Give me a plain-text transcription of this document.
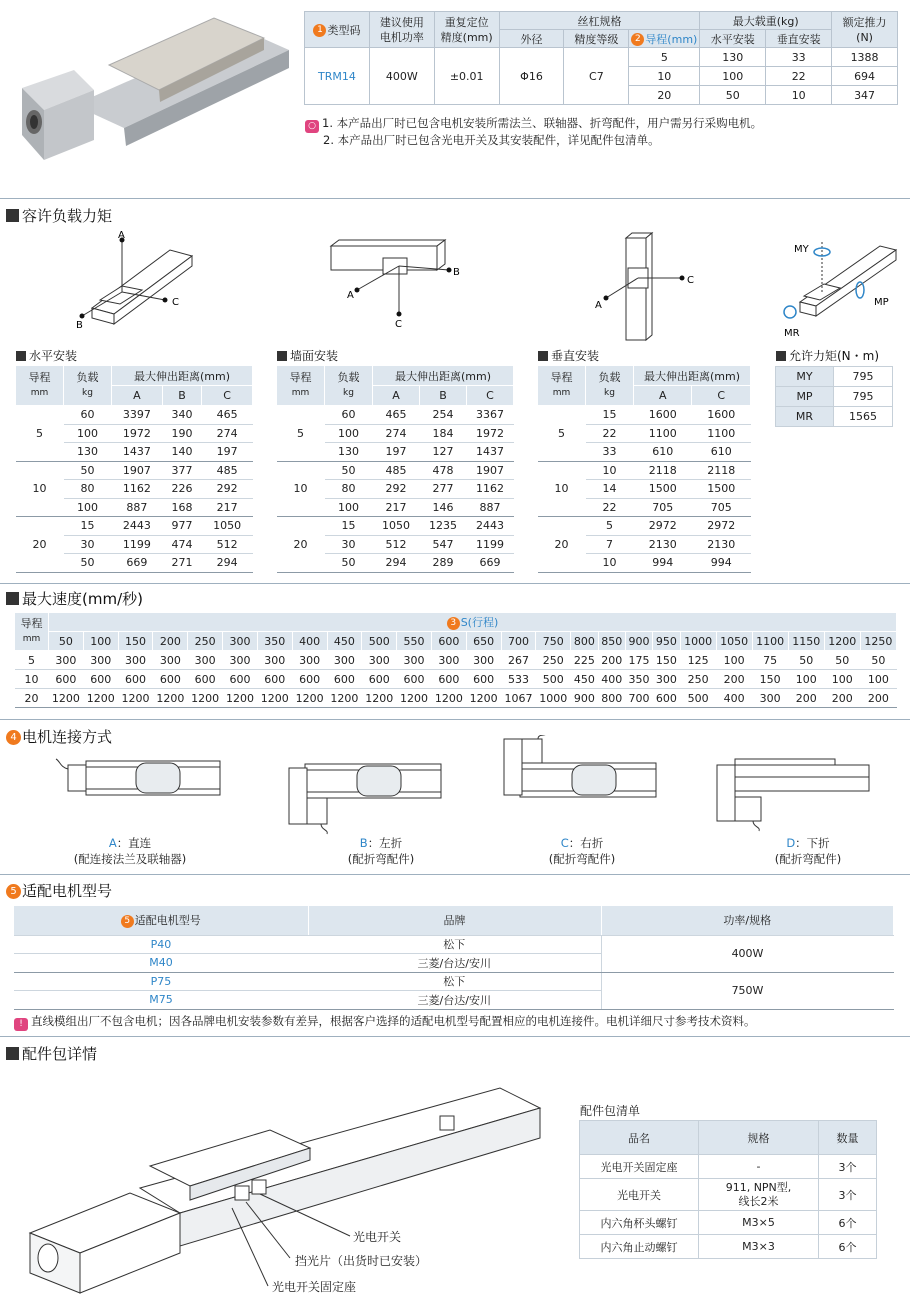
1 类型码	建议使用
电机功率	重复定位
精度(mm)	丝杠规格			最大载重(kg)		额定推力
(N)
			外径	精度等级	2 导程(mm)	水平安装	垂直安装	
TRM14	400W	±0.01	Φ16	C7	5	130	33	1388
					10	100	22	694
					20	50	10	347
○ 1. 本产品出厂时已包含电机安装所需法兰、联轴器、折弯配件，用户需另行采购电机。
2. 本产品出厂时已包含光电开关及其安装配件，详见配件包清单。
容许负载力矩
A
C
B	C
B
A
C
A
MY
MP
MR
水平安装
导程
mm	负载
kg	最大伸出距离(mm)		
		A	B	C
5	60	3397	340	465
	100	1972	190	274
	130	1437	140	197
10	50	1907	377	485
	80	1162	226	292
	100	887	168	217
20	15	2443	977	1050
	30	1199	474	512
	50	669	271	294
墙面安装
导程
mm	负载
kg	最大伸出距离(mm)		
		A	B	C
5	60	465	254	3367
	100	274	184	1972
	130	197	127	1437
10	50	485	478	1907
	80	292	277	1162
	100	217	146	887
20	15	1050	1235	2443
	30	512	547	1199
	50	294	289	669
垂直安装
导程
mm	负载
kg	最大伸出距离(mm)	
		A	C
5	15	1600	1600
	22	1100	1100
	33	610	610
10	10	2118	2118
	14	1500	1500
	22	705	705
20	5	2972	2972
	7	2130	2130
	10	994	994
允许力矩(N・m)
MY	795
MP	795
MR	1565
最大速度(mm/秒)
导程
mm	3 S(行程)																								
	50	100	150	200	250	300	350	400	450	500	550	600	650	700	750	800	850	900	950	1000	1050	1100	1150	1200	1250
5	300	300	300	300	300	300	300	300	300	300	300	300	300	267	250	225	200	175	150	125	100	75	50	50	50
10	600	600	600	600	600	600	600	600	600	600	600	600	600	533	500	450	400	350	300	250	200	150	100	100	100
20	1200	1200	1200	1200	1200	1200	1200	1200	1200	1200	1200	1200	1200	1067	1000	900	800	700	600	500	400	300	200	200	200
4 电机连接方式
A：直连
(配连接法兰及联轴器)
B：左折
(配折弯配件)
C：右折
(配折弯配件)
D：下折
(配折弯配件)
5 适配电机型号
5 适配电机型号	品牌	功率/规格
P40	松下	400W
M40	三菱/台达/安川	
P75	松下	750W
M75	三菱/台达/安川	
! 直线模组出厂不包含电机；因各品牌电机安装参数有差异，根据客户选择的适配电机型号配置相应的电机连接件。电机详细尺寸参考技术资料。
配件包详情
光电开关
挡光片（出货时已安装）
光电开关固定座
配件包清单
品名	规格	数量
光电开关固定座	-	3个
光电开关	911, NPN型,
线长2米	3个
内六角杯头螺钉	M3×5	6个
内六角止动螺钉	M3×3	6个
